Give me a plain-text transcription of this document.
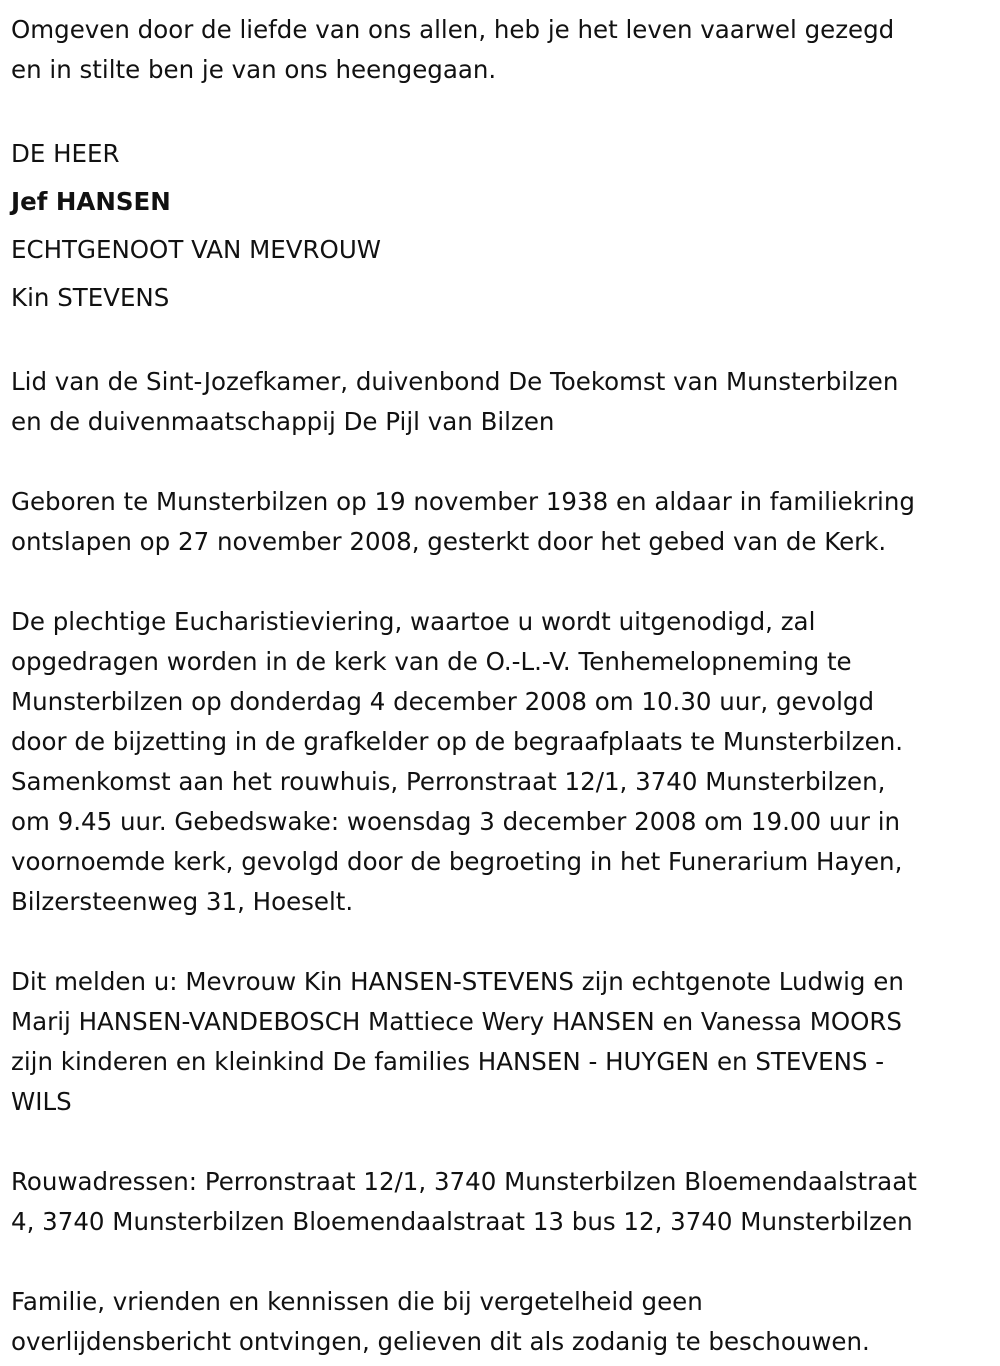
Omgeven door de liefde van ons allen, heb je het leven vaarwel gezegd

en in stilte ben je van ons heengegaan.

DE HEER

Jef HANSEN

ECHTGENOOT VAN MEVROUW

Kin STEVENS

Lid van de Sint-Jozefkamer, duivenbond De Toekomst van Munsterbilzen

en de duivenmaatschappij De Pijl van Bilzen

Geboren te Munsterbilzen op 19 november 1938 en aldaar in familiekring

ontslapen op 27 november 2008, gesterkt door het gebed van de Kerk.

De plechtige Eucharistieviering, waartoe u wordt uitgenodigd, zal

opgedragen worden in de kerk van de O.-L.-V. Tenhemelopneming te

Munsterbilzen op donderdag 4 december 2008 om 10.30 uur, gevolgd

door de bijzetting in de grafkelder op de begraafplaats te Munsterbilzen.

Samenkomst aan het rouwhuis, Perronstraat 12/1, 3740 Munsterbilzen,

om 9.45 uur. Gebedswake: woensdag 3 december 2008 om 19.00 uur in

voornoemde kerk, gevolgd door de begroeting in het Funerarium Hayen,

Bilzersteenweg 31, Hoeselt.

Dit melden u: Mevrouw Kin HANSEN-STEVENS zijn echtgenote Ludwig en

Marij HANSEN-VANDEBOSCH Mattiece Wery HANSEN en Vanessa MOORS

zijn kinderen en kleinkind De families HANSEN - HUYGEN en STEVENS -

WILS

Rouwadressen: Perronstraat 12/1, 3740 Munsterbilzen Bloemendaalstraat

4, 3740 Munsterbilzen Bloemendaalstraat 13 bus 12, 3740 Munsterbilzen

Familie, vrienden en kennissen die bij vergetelheid geen

overlijdensbericht ontvingen, gelieven dit als zodanig te beschouwen.
